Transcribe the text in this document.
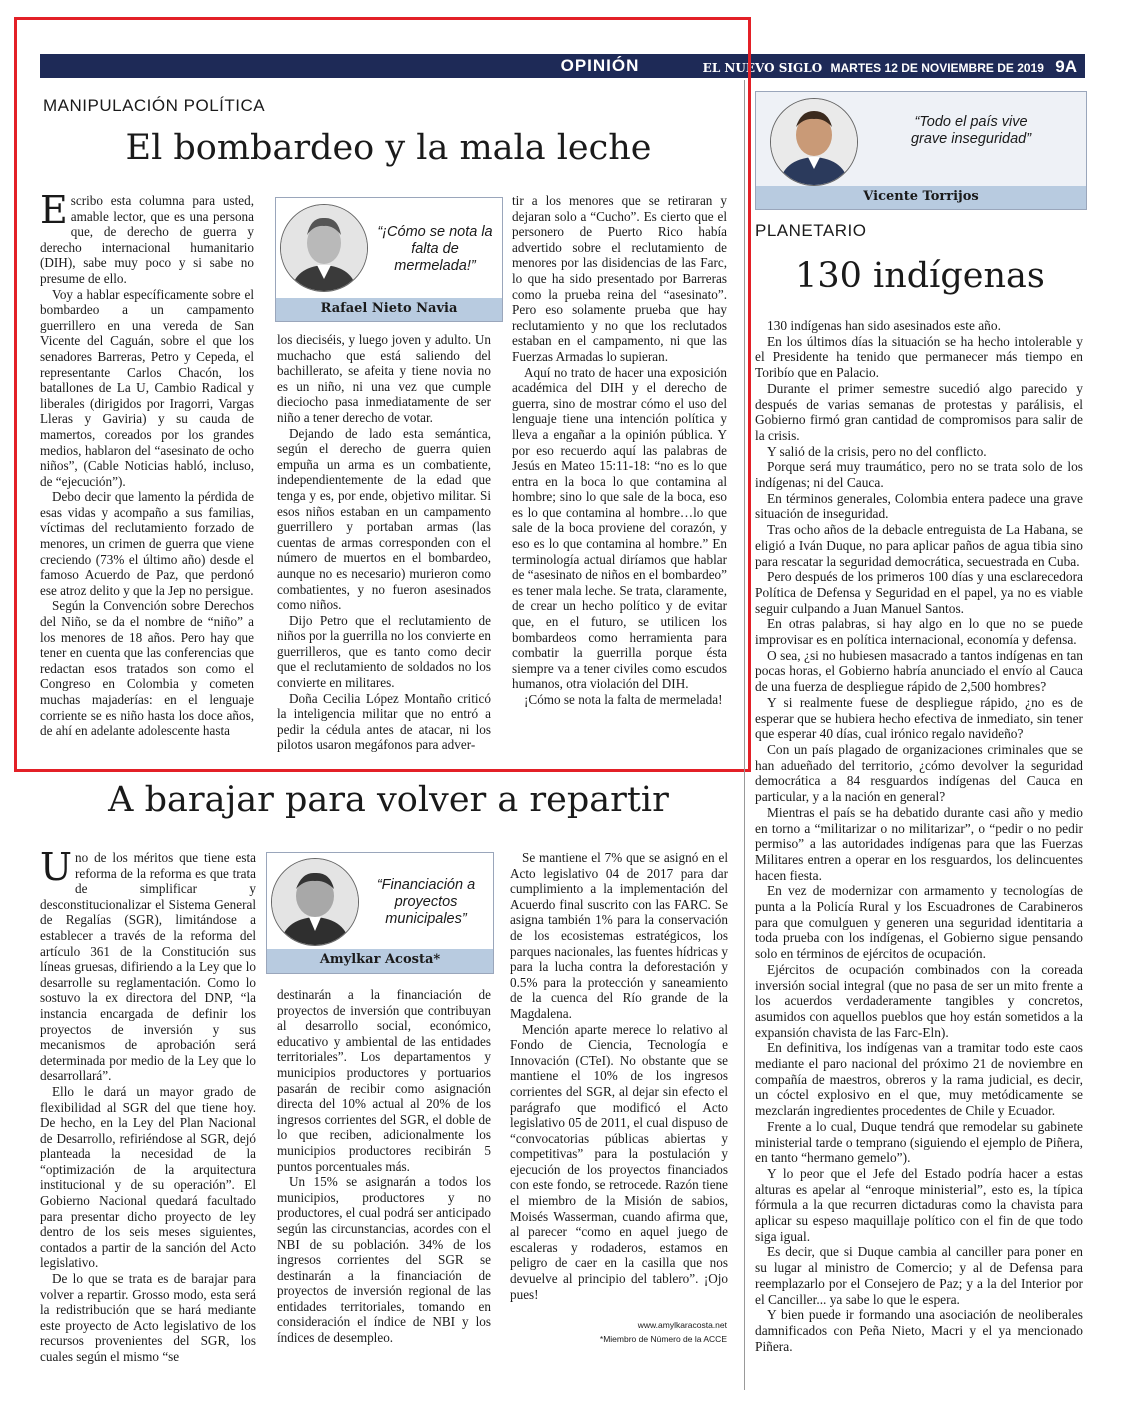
OPINIÓN	EL NUEVO SIGLO MARTES 12 DE NOVIEMBRE DE 2019 9A
MANIPULACIÓN POLÍTICA
El bombardeo y la mala leche

Escribo esta columna para usted, amable lector, que es una persona que, de derecho de guerra y derecho internacional humanitario (DIH), sabe muy poco y si sabe no presume de ello.

Voy a hablar específicamente sobre el bombardeo a un campamento guerrillero en una vereda de San Vicente del Caguán, sobre el que los senadores Barreras, Petro y Cepeda, el representante Carlos Chacón, los batallones de La U, Cambio Radical y liberales (dirigidos por Iragorri, Vargas Lleras y Gaviria) y su cauda de mamertos, coreados por los grandes medios, hablaron del “asesinato de ocho niños”, (Cable Noticias habló, incluso, de “ejecución”).

Debo decir que lamento la pérdida de esas vidas y acompaño a sus familias, víctimas del reclutamiento forzado de menores, un crimen de guerra que viene creciendo (73% el último año) desde el famoso Acuerdo de Paz, que perdonó ese atroz delito y que la Jep no persigue.

Según la Convención sobre Derechos del Niño, se da el nombre de “niño” a los menores de 18 años. Pero hay que tener en cuenta que las conferencias que redactan esos tratados son como el Congreso en Colombia y cometen muchas majaderías: en el lenguaje corriente se es niño hasta los doce años, de ahí en adelante adolescente hasta

“¡Cómo se nota la falta de mermelada!”
Rafael Nieto Navia

los dieciséis, y luego joven y adulto. Un muchacho que está saliendo del bachillerato, se afeita y tiene novia no es un niño, ni una vez que cumple dieciocho pasa inmediatamente de ser niño a tener derecho de votar.

Dejando de lado esta semántica, según el derecho de guerra quien empuña un arma es un combatiente, independientemente de la edad que tenga y es, por ende, objetivo militar. Si esos niños estaban en un campamento guerrillero y portaban armas (las cuentas de armas corresponden con el número de muertos en el bombardeo, aunque no es necesario) murieron como combatientes, y no fueron asesinados como niños.

Dijo Petro que el reclutamiento de niños por la guerrilla no los convierte en guerrilleros, que es tanto como decir que el reclutamiento de soldados no los convierte en militares.

Doña Cecilia López Montaño criticó la inteligencia militar que no entró a pedir la cédula antes de atacar, ni los pilotos usaron megáfonos para adver-

tir a los menores que se retiraran y dejaran solo a “Cucho”. Es cierto que el personero de Puerto Rico había advertido sobre el reclutamiento de menores por las disidencias de las Farc, lo que ha sido presentado por Barreras como la prueba reina del “asesinato”. Pero eso solamente prueba que hay reclutamiento y no que los reclutados estaban en el campamento, ni que las Fuerzas Armadas lo supieran.

Aquí no trato de hacer una exposición académica del DIH y el derecho de guerra, sino de mostrar cómo el uso del lenguaje tiene una intención política y lleva a engañar a la opinión pública. Y por eso recuerdo aquí las palabras de Jesús en Mateo 15:11-18: “no es lo que entra en la boca lo que contamina al hombre; sino lo que sale de la boca, eso es lo que contamina al hombre…lo que sale de la boca proviene del corazón, y eso es lo que contamina al hombre.” En terminología actual diríamos que hablar de “asesinato de niños en el bombardeo” es tener mala leche. Se trata, claramente, de crear un hecho político y de evitar que, en el futuro, se utilicen los bombardeos como herramienta para combatir la guerrilla porque ésta siempre va a tener civiles como escudos humanos, otra violación del DIH.

¡Cómo se nota la falta de mermelada!

A barajar para volver a repartir

Uno de los méritos que tiene esta reforma de la reforma es que trata de simplificar y desconstitucionalizar el Sistema General de Regalías (SGR), limitándose a establecer a través de la reforma del artículo 361 de la Constitución sus líneas gruesas, difiriendo a la Ley que lo desarrolle su reglamentación. Como lo sostuvo la ex directora del DNP, “la instancia encargada de definir los proyectos de inversión y sus mecanismos de aprobación será determinada por medio de la Ley que lo desarrollará”.

Ello le dará un mayor grado de flexibilidad al SGR del que tiene hoy. De hecho, en la Ley del Plan Nacional de Desarrollo, refiriéndose al SGR, dejó planteada la necesidad de la “optimización de la arquitectura institucional y de su operación”. El Gobierno Nacional quedará facultado para presentar dicho proyecto de ley dentro de los seis meses siguientes, contados a partir de la sanción del Acto legislativo.

De lo que se trata es de barajar para volver a repartir. Grosso modo, esta será la redistribución que se hará mediante este proyecto de Acto legislativo de los recursos provenientes del SGR, los cuales según el mismo “se

“Financiación a proyectos municipales”
Amylkar Acosta*

destinarán a la financiación de proyectos de inversión que contribuyan al desarrollo social, económico, educativo y ambiental de las entidades territoriales”. Los departamentos y municipios productores y portuarios pasarán de recibir como asignación directa del 10% actual al 20% de los ingresos corrientes del SGR, el doble de lo que reciben, adicionalmente los municipios productores recibirán 5 puntos porcentuales más.

Un 15% se asignarán a todos los municipios, productores y no productores, el cual podrá ser anticipado según las circunstancias, acordes con el NBI de su población. 34% de los ingresos corrientes del SGR se destinarán a la financiación de proyectos de inversión regional de las entidades territoriales, tomando en consideración el índice de NBI y los índices de desempleo.

Se mantiene el 7% que se asignó en el Acto legislativo 04 de 2017 para dar cumplimiento a la implementación del Acuerdo final suscrito con las FARC. Se asigna también 1% para la conservación de los ecosistemas estratégicos, los parques nacionales, las fuentes hídricas y para la lucha contra la deforestación y 0.5% para la protección y saneamiento de la cuenca del Río grande de la Magdalena.

Mención aparte merece lo relativo al Fondo de Ciencia, Tecnología e Innovación (CTeI). No obstante que se mantiene el 10% de los ingresos corrientes del SGR, al dejar sin efecto el parágrafo que modificó el Acto legislativo 05 de 2011, el cual dispuso de “convocatorias públicas abiertas y competitivas” para la postulación y ejecución de los proyectos financiados con este fondo, se retrocede. Razón tiene el miembro de la Misión de sabios, Moisés Wasserman, cuando afirma que, al parecer “como en aquel juego de escaleras y rodaderos, estamos en peligro de caer en la casilla que nos devuelve al principio del tablero”. ¡Ojo pues!

www.amylkaracosta.net
*Miembro de Número de la ACCE
“Todo el país vive grave inseguridad”
Vicente Torrijos
PLANETARIO
130 indígenas

130 indígenas han sido asesinados este año.

En los últimos días la situación se ha hecho intolerable y el Presidente ha tenido que permanecer más tiempo en Toribío que en Palacio.

Durante el primer semestre sucedió algo parecido y después de varias semanas de protestas y parálisis, el Gobierno firmó gran cantidad de compromisos para salir de la crisis.

Y salió de la crisis, pero no del conflicto.

Porque será muy traumático, pero no se trata solo de los indígenas; ni del Cauca.

En términos generales, Colombia entera padece una grave situación de inseguridad.

Tras ocho años de la debacle entreguista de La Habana, se eligió a Iván Duque, no para aplicar paños de agua tibia sino para rescatar la seguridad democrática, secuestrada en Cuba.

Pero después de los primeros 100 días y una esclarecedora Política de Defensa y Seguridad en el papel, ya no es viable seguir culpando a Juan Manuel Santos.

En otras palabras, si hay algo en lo que no se puede improvisar es en política internacional, economía y defensa.

O sea, ¿si no hubiesen masacrado a tantos indígenas en tan pocas horas, el Gobierno habría anunciado el envío al Cauca de una fuerza de despliegue rápido de 2,500 hombres?

Y si realmente fuese de despliegue rápido, ¿no es de esperar que se hubiera hecho efectiva de inmediato, sin tener que esperar 40 días, cual irónico regalo navideño?

Con un país plagado de organizaciones criminales que se han adueñado del territorio, ¿cómo devolver la seguridad democrática a 84 resguardos indígenas del Cauca en particular, y a la nación en general?

Mientras el país se ha debatido durante casi año y medio en torno a “militarizar o no militarizar”, o “pedir o no pedir permiso” a las autoridades indígenas para que las Fuerzas Militares entren a operar en los resguardos, los delincuentes hacen fiesta.

En vez de modernizar con armamento y tecnologías de punta a la Policía Rural y los Escuadrones de Carabineros para que comulguen y generen una seguridad identitaria a toda prueba con los indígenas, el Gobierno sigue pensando solo en términos de ejércitos de ocupación.

Ejércitos de ocupación combinados con la coreada inversión social integral (que no pasa de ser un mito frente a los acuerdos verdaderamente tangibles y concretos, asumidos con aquellos pueblos que hoy están sometidos a la expansión chavista de las Farc-Eln).

En definitiva, los indígenas van a tramitar todo este caos mediante el paro nacional del próximo 21 de noviembre en compañía de maestros, obreros y la rama judicial, es decir, un cóctel explosivo en el que, muy metódicamente se mezclarán ingredientes procedentes de Chile y Ecuador.

Frente a lo cual, Duque tendrá que remodelar su gabinete ministerial tarde o temprano (siguiendo el ejemplo de Piñera, en tanto “hermano gemelo”).

Y lo peor que el Jefe del Estado podría hacer a estas alturas es apelar al “enroque ministerial”, esto es, la típica fórmula a la que recurren dictaduras como la chavista para aplicar su espeso maquillaje político con el fin de que todo siga igual.

Es decir, que si Duque cambia al canciller para poner en su lugar al ministro de Comercio; y al de Defensa para reemplazarlo por el Consejero de Paz; y a la del Interior por el Canciller... ya sabe lo que le espera.

Y bien puede ir formando una asociación de neoliberales damnificados con Peña Nieto, Macri y el ya mencionado Piñera.
